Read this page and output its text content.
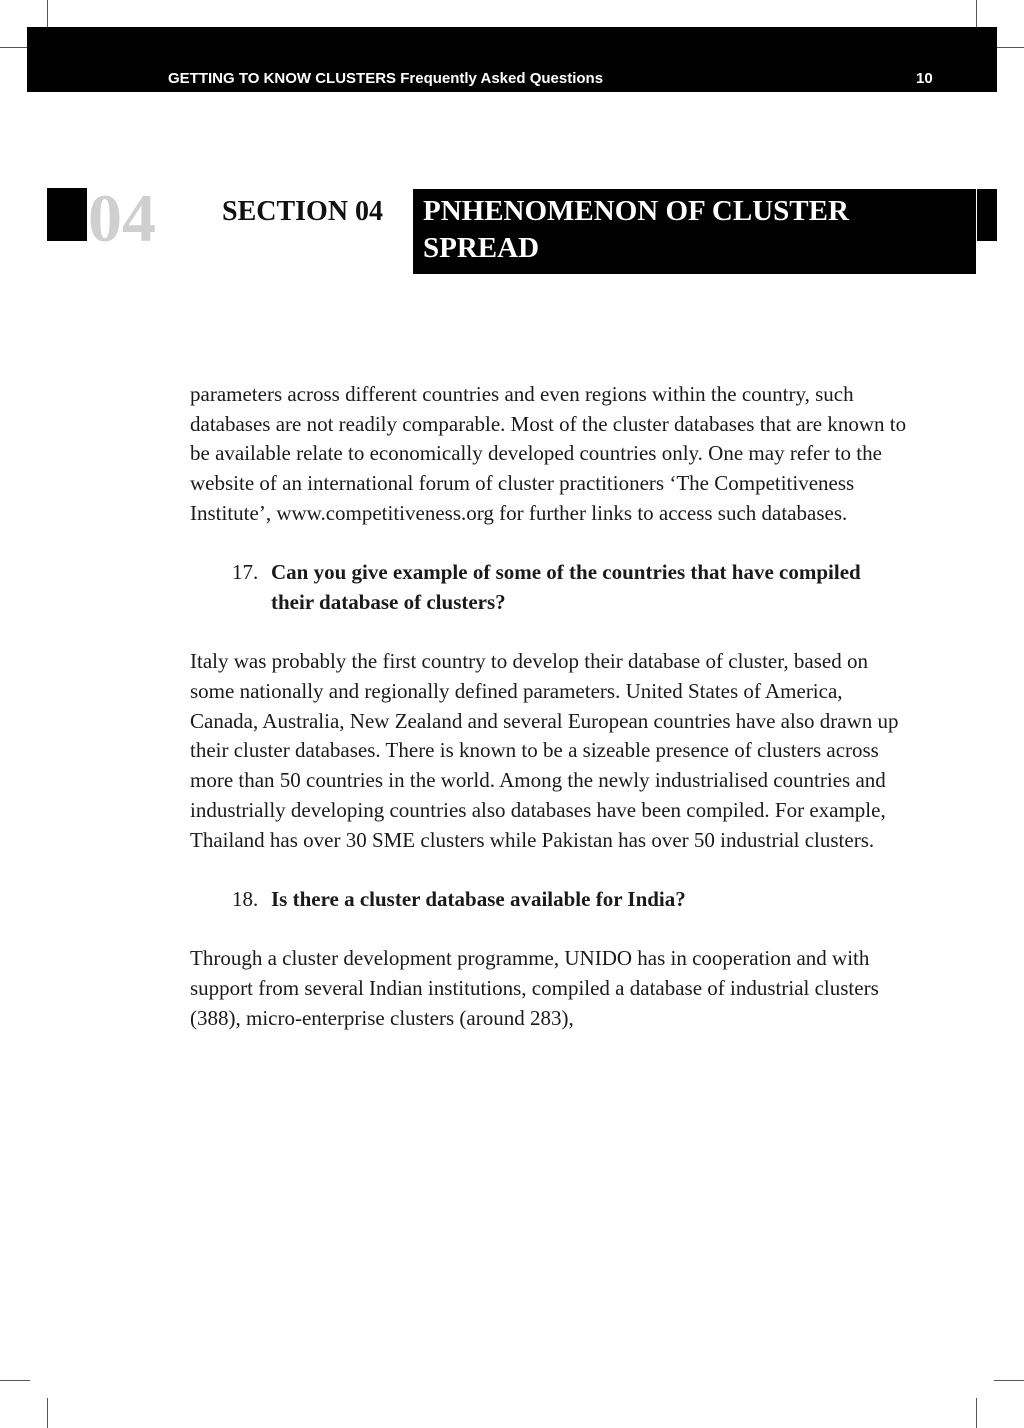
GETTING TO KNOW CLUSTERS Frequently Asked Questions	10
04 SECTION 04 PNHENOMENON OF CLUSTER SPREAD

parameters across different countries and even regions within the country, such databases are not readily comparable. Most of the cluster databases that are known to be available relate to economically developed countries only. One may refer to the website of an international forum of cluster practitioners ‘The Competitiveness Institute’, www.competitiveness.org for further links to access such databases.

17. Can you give example of some of the countries that have compiled their database of clusters?

Italy was probably the first country to develop their database of cluster, based on some nationally and regionally defined parameters. United States of America, Canada, Australia, New Zealand and several European countries have also drawn up their cluster databases. There is known to be a sizeable presence of clusters across more than 50 countries in the world. Among the newly industrialised countries and industrially developing countries also databases have been compiled. For example, Thailand has over 30 SME clusters while Pakistan has over 50 industrial clusters.

18. Is there a cluster database available for India?

Through a cluster development programme, UNIDO has in cooperation and with support from several Indian institutions, compiled a database of industrial clusters (388), micro-enterprise clusters (around 283),
